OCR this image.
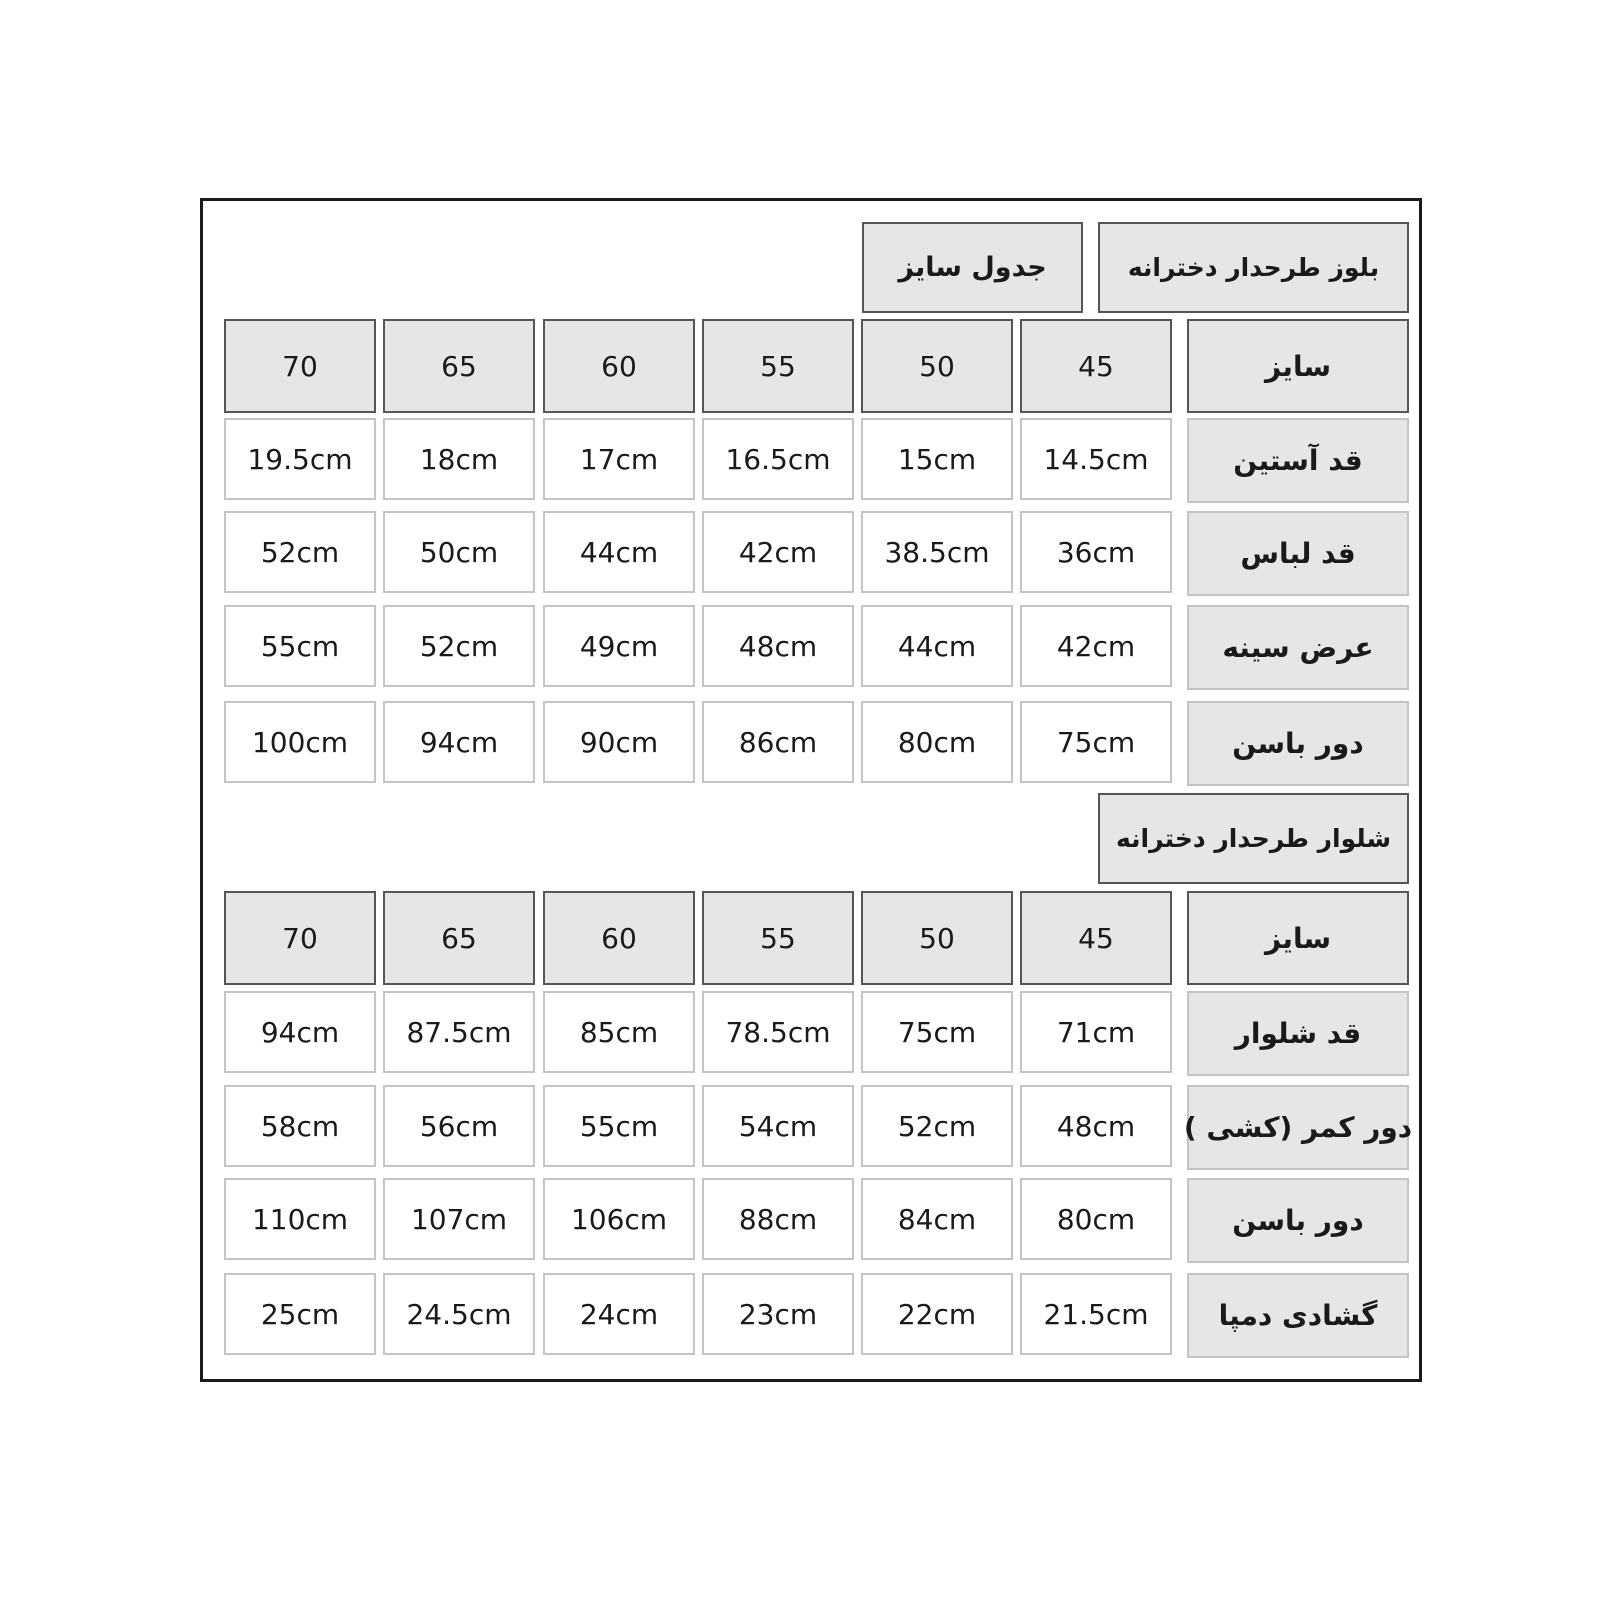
جدول سایز	بلوز طرحدار دخترانه
سایز
45
50
55
60
65
70
قد آستین
14.5cm
15cm
16.5cm
17cm
18cm
19.5cm
قد لباس
36cm
38.5cm
42cm
44cm
50cm
52cm
عرض سینه
42cm
44cm
48cm
49cm
52cm
55cm
دور باسن
75cm
80cm
86cm
90cm
94cm
100cm
شلوار طرحدار دخترانه
سایز
45
50
55
60
65
70
قد شلوار
71cm
75cm
78.5cm
85cm
87.5cm
94cm
دور کمر (کشی )
48cm
52cm
54cm
55cm
56cm
58cm
دور باسن
80cm
84cm
88cm
106cm
107cm
110cm
گشادی دمپا
21.5cm
22cm
23cm
24cm
24.5cm
25cm
